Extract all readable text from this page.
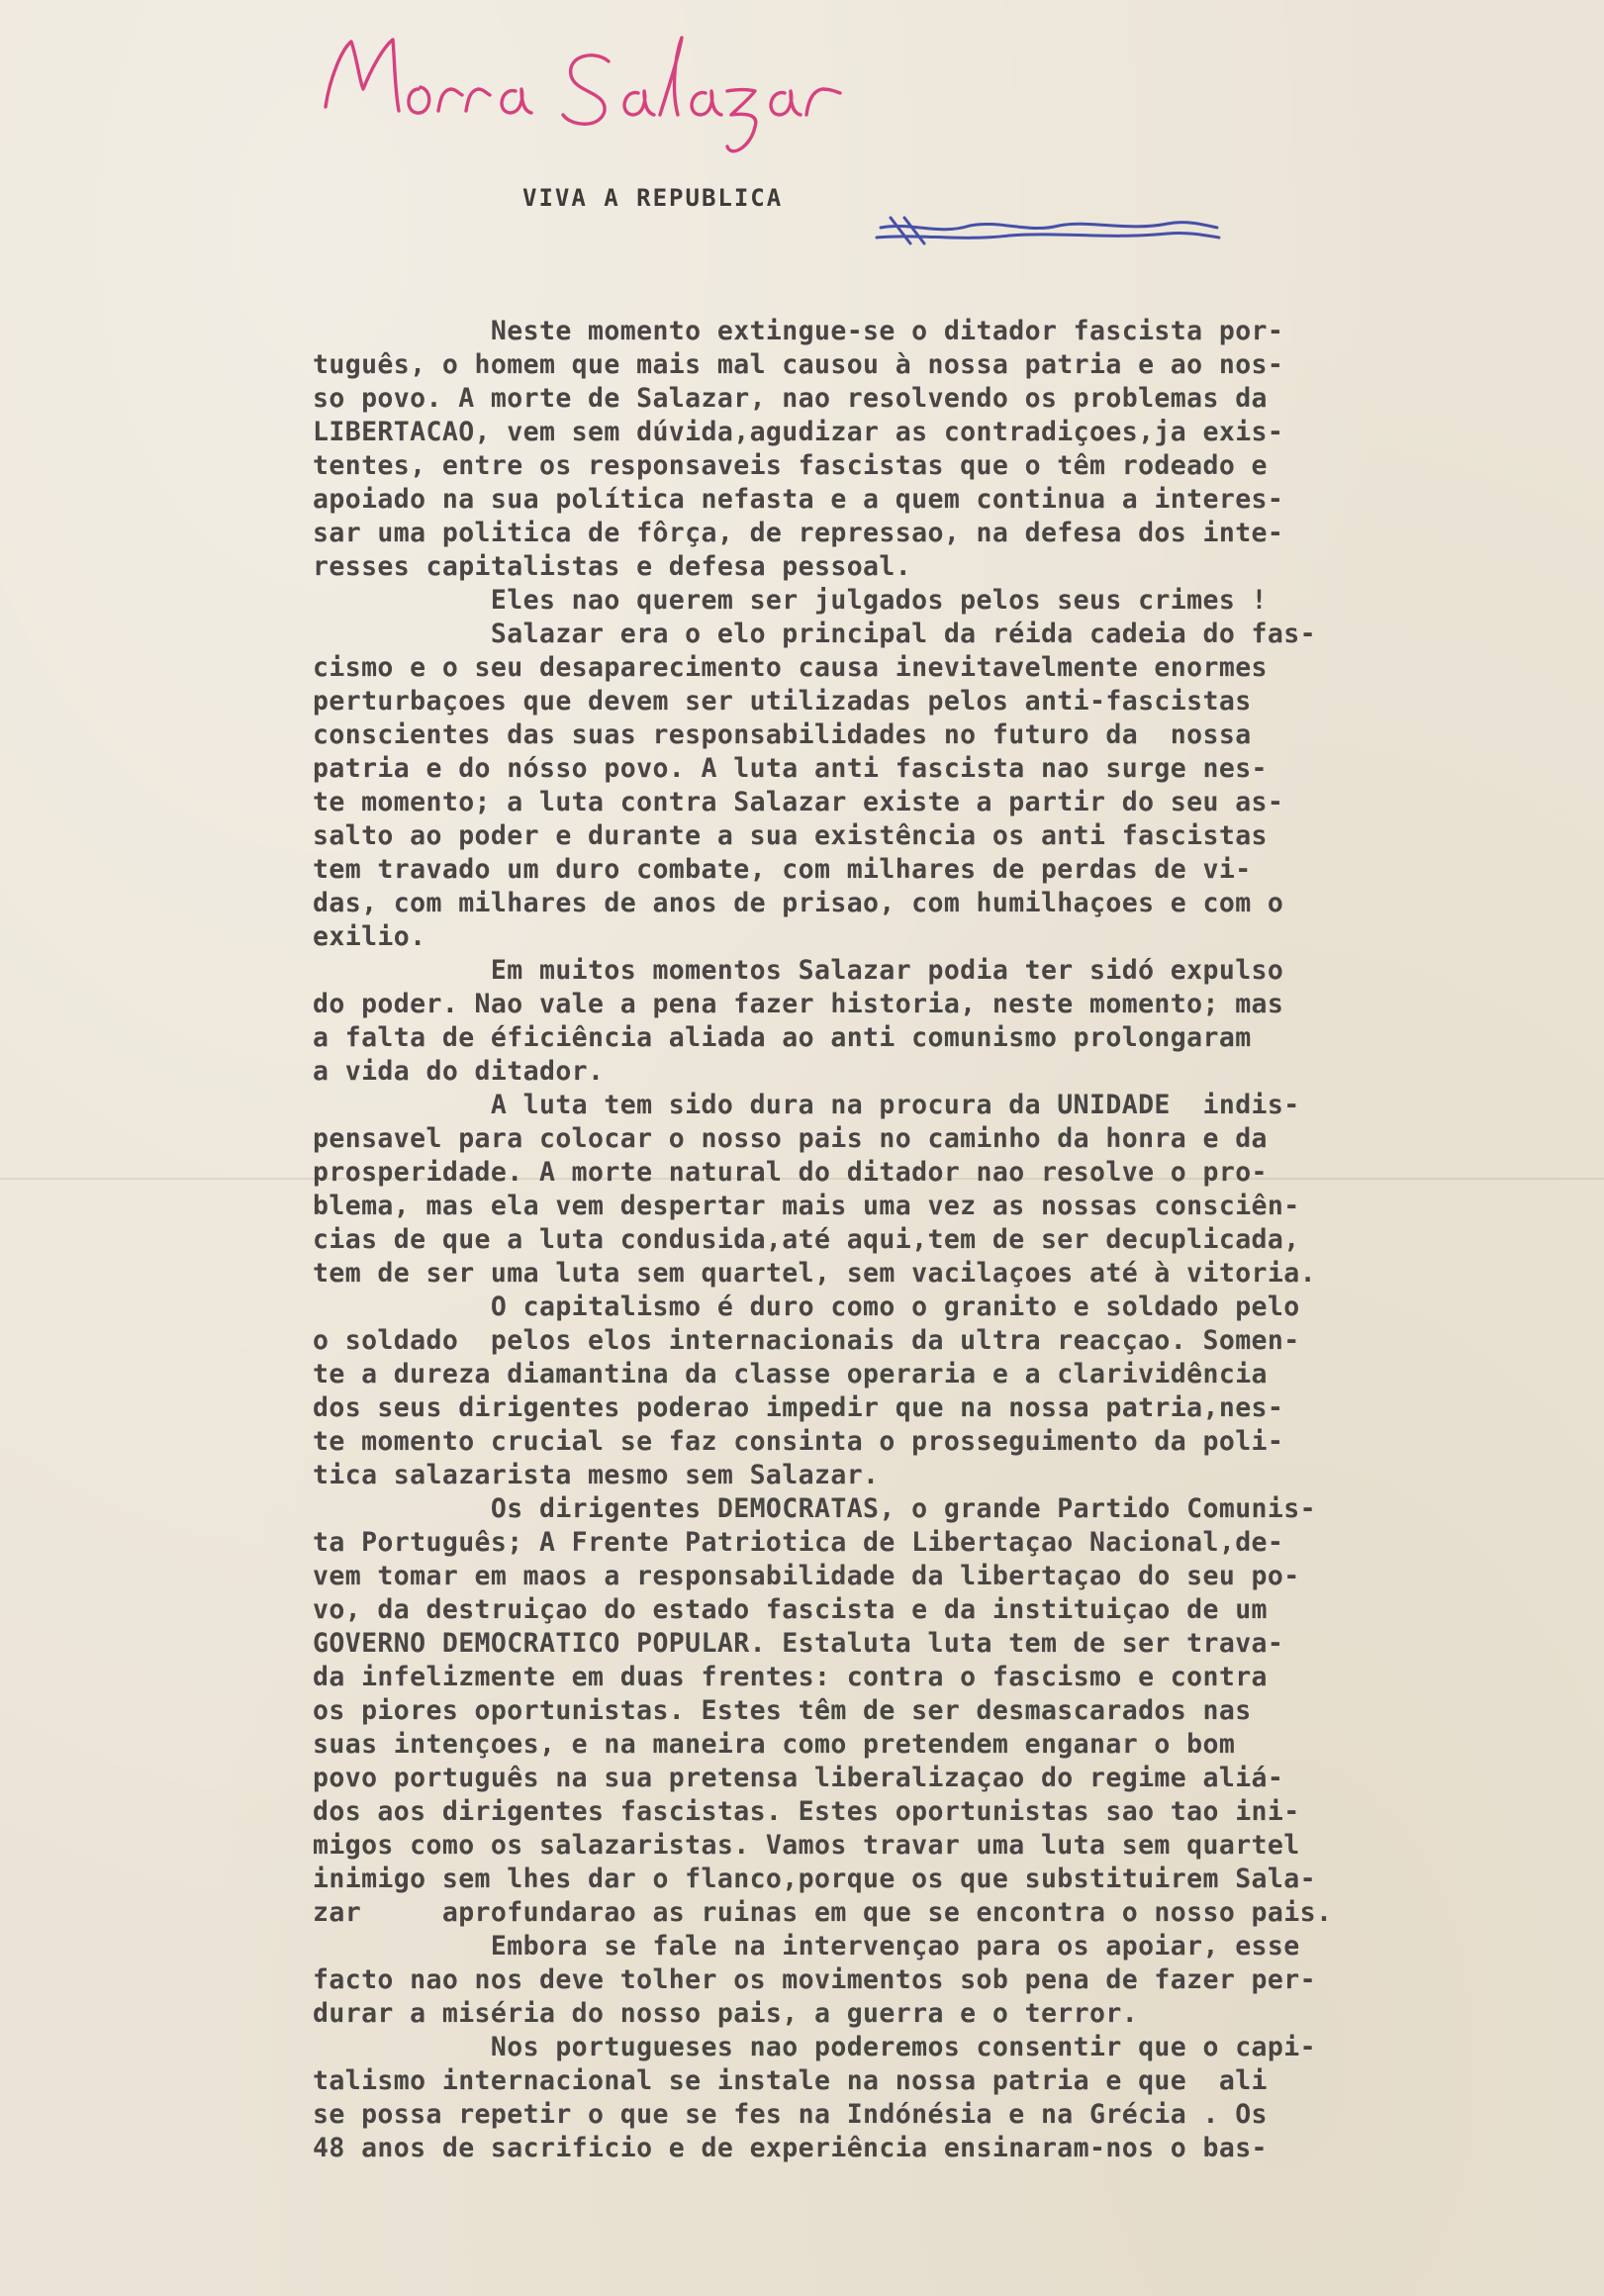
VIVA A REPUBLICA
Neste momento extingue-se o ditador fascista por-
tuguês, o homem que mais mal causou à nossa patria e ao nos-
so povo. A morte de Salazar, nao resolvendo os problemas da
LIBERTACAO, vem sem dúvida,agudizar as contradiçoes,ja exis-
tentes, entre os responsaveis fascistas que o têm rodeado e
apoiado na sua política nefasta e a quem continua a interes-
sar uma politica de fôrça, de repressao, na defesa dos inte-
resses capitalistas e defesa pessoal.
Eles nao querem ser julgados pelos seus crimes !
Salazar era o elo principal da réida cadeia do fas-
cismo e o seu desaparecimento causa inevitavelmente enormes
perturbaçoes que devem ser utilizadas pelos anti-fascistas
conscientes das suas responsabilidades no futuro da  nossa
patria e do nósso povo. A luta anti fascista nao surge nes-
te momento; a luta contra Salazar existe a partir do seu as-
salto ao poder e durante a sua existência os anti fascistas
tem travado um duro combate, com milhares de perdas de vi-
das, com milhares de anos de prisao, com humilhaçoes e com o
exilio.
Em muitos momentos Salazar podia ter sidó expulso
do poder. Nao vale a pena fazer historia, neste momento; mas
a falta de éficiência aliada ao anti comunismo prolongaram
a vida do ditador.
A luta tem sido dura na procura da UNIDADE  indis-
pensavel para colocar o nosso pais no caminho da honra e da
prosperidade. A morte natural do ditador nao resolve o pro-
blema, mas ela vem despertar mais uma vez as nossas consciên-
cias de que a luta condusida,até aqui,tem de ser decuplicada,
tem de ser uma luta sem quartel, sem vacilaçoes até à vitoria.
O capitalismo é duro como o granito e soldado pelo
o soldado  pelos elos internacionais da ultra reacçao. Somen-
te a dureza diamantina da classe operaria e a clarividência
dos seus dirigentes poderao impedir que na nossa patria,nes-
te momento crucial se faz consinta o prosseguimento da poli-
tica salazarista mesmo sem Salazar.
Os dirigentes DEMOCRATAS, o grande Partido Comunis-
ta Português; A Frente Patriotica de Libertaçao Nacional,de-
vem tomar em maos a responsabilidade da libertaçao do seu po-
vo, da destruiçao do estado fascista e da instituiçao de um
GOVERNO DEMOCRATICO POPULAR. Estaluta luta tem de ser trava-
da infelizmente em duas frentes: contra o fascismo e contra
os piores oportunistas. Estes têm de ser desmascarados nas
suas intençoes, e na maneira como pretendem enganar o bom
povo português na sua pretensa liberalizaçao do regime aliá-
dos aos dirigentes fascistas. Estes oportunistas sao tao ini-
migos como os salazaristas. Vamos travar uma luta sem quartel
inimigo sem lhes dar o flanco,porque os que substituirem Sala-
zar     aprofundarao as ruinas em que se encontra o nosso pais.
Embora se fale na intervençao para os apoiar, esse
facto nao nos deve tolher os movimentos sob pena de fazer per-
durar a miséria do nosso pais, a guerra e o terror.
Nos portugueses nao poderemos consentir que o capi-
talismo internacional se instale na nossa patria e que  ali
se possa repetir o que se fes na Indónésia e na Grécia . Os
48 anos de sacrificio e de experiência ensinaram-nos o bas-
